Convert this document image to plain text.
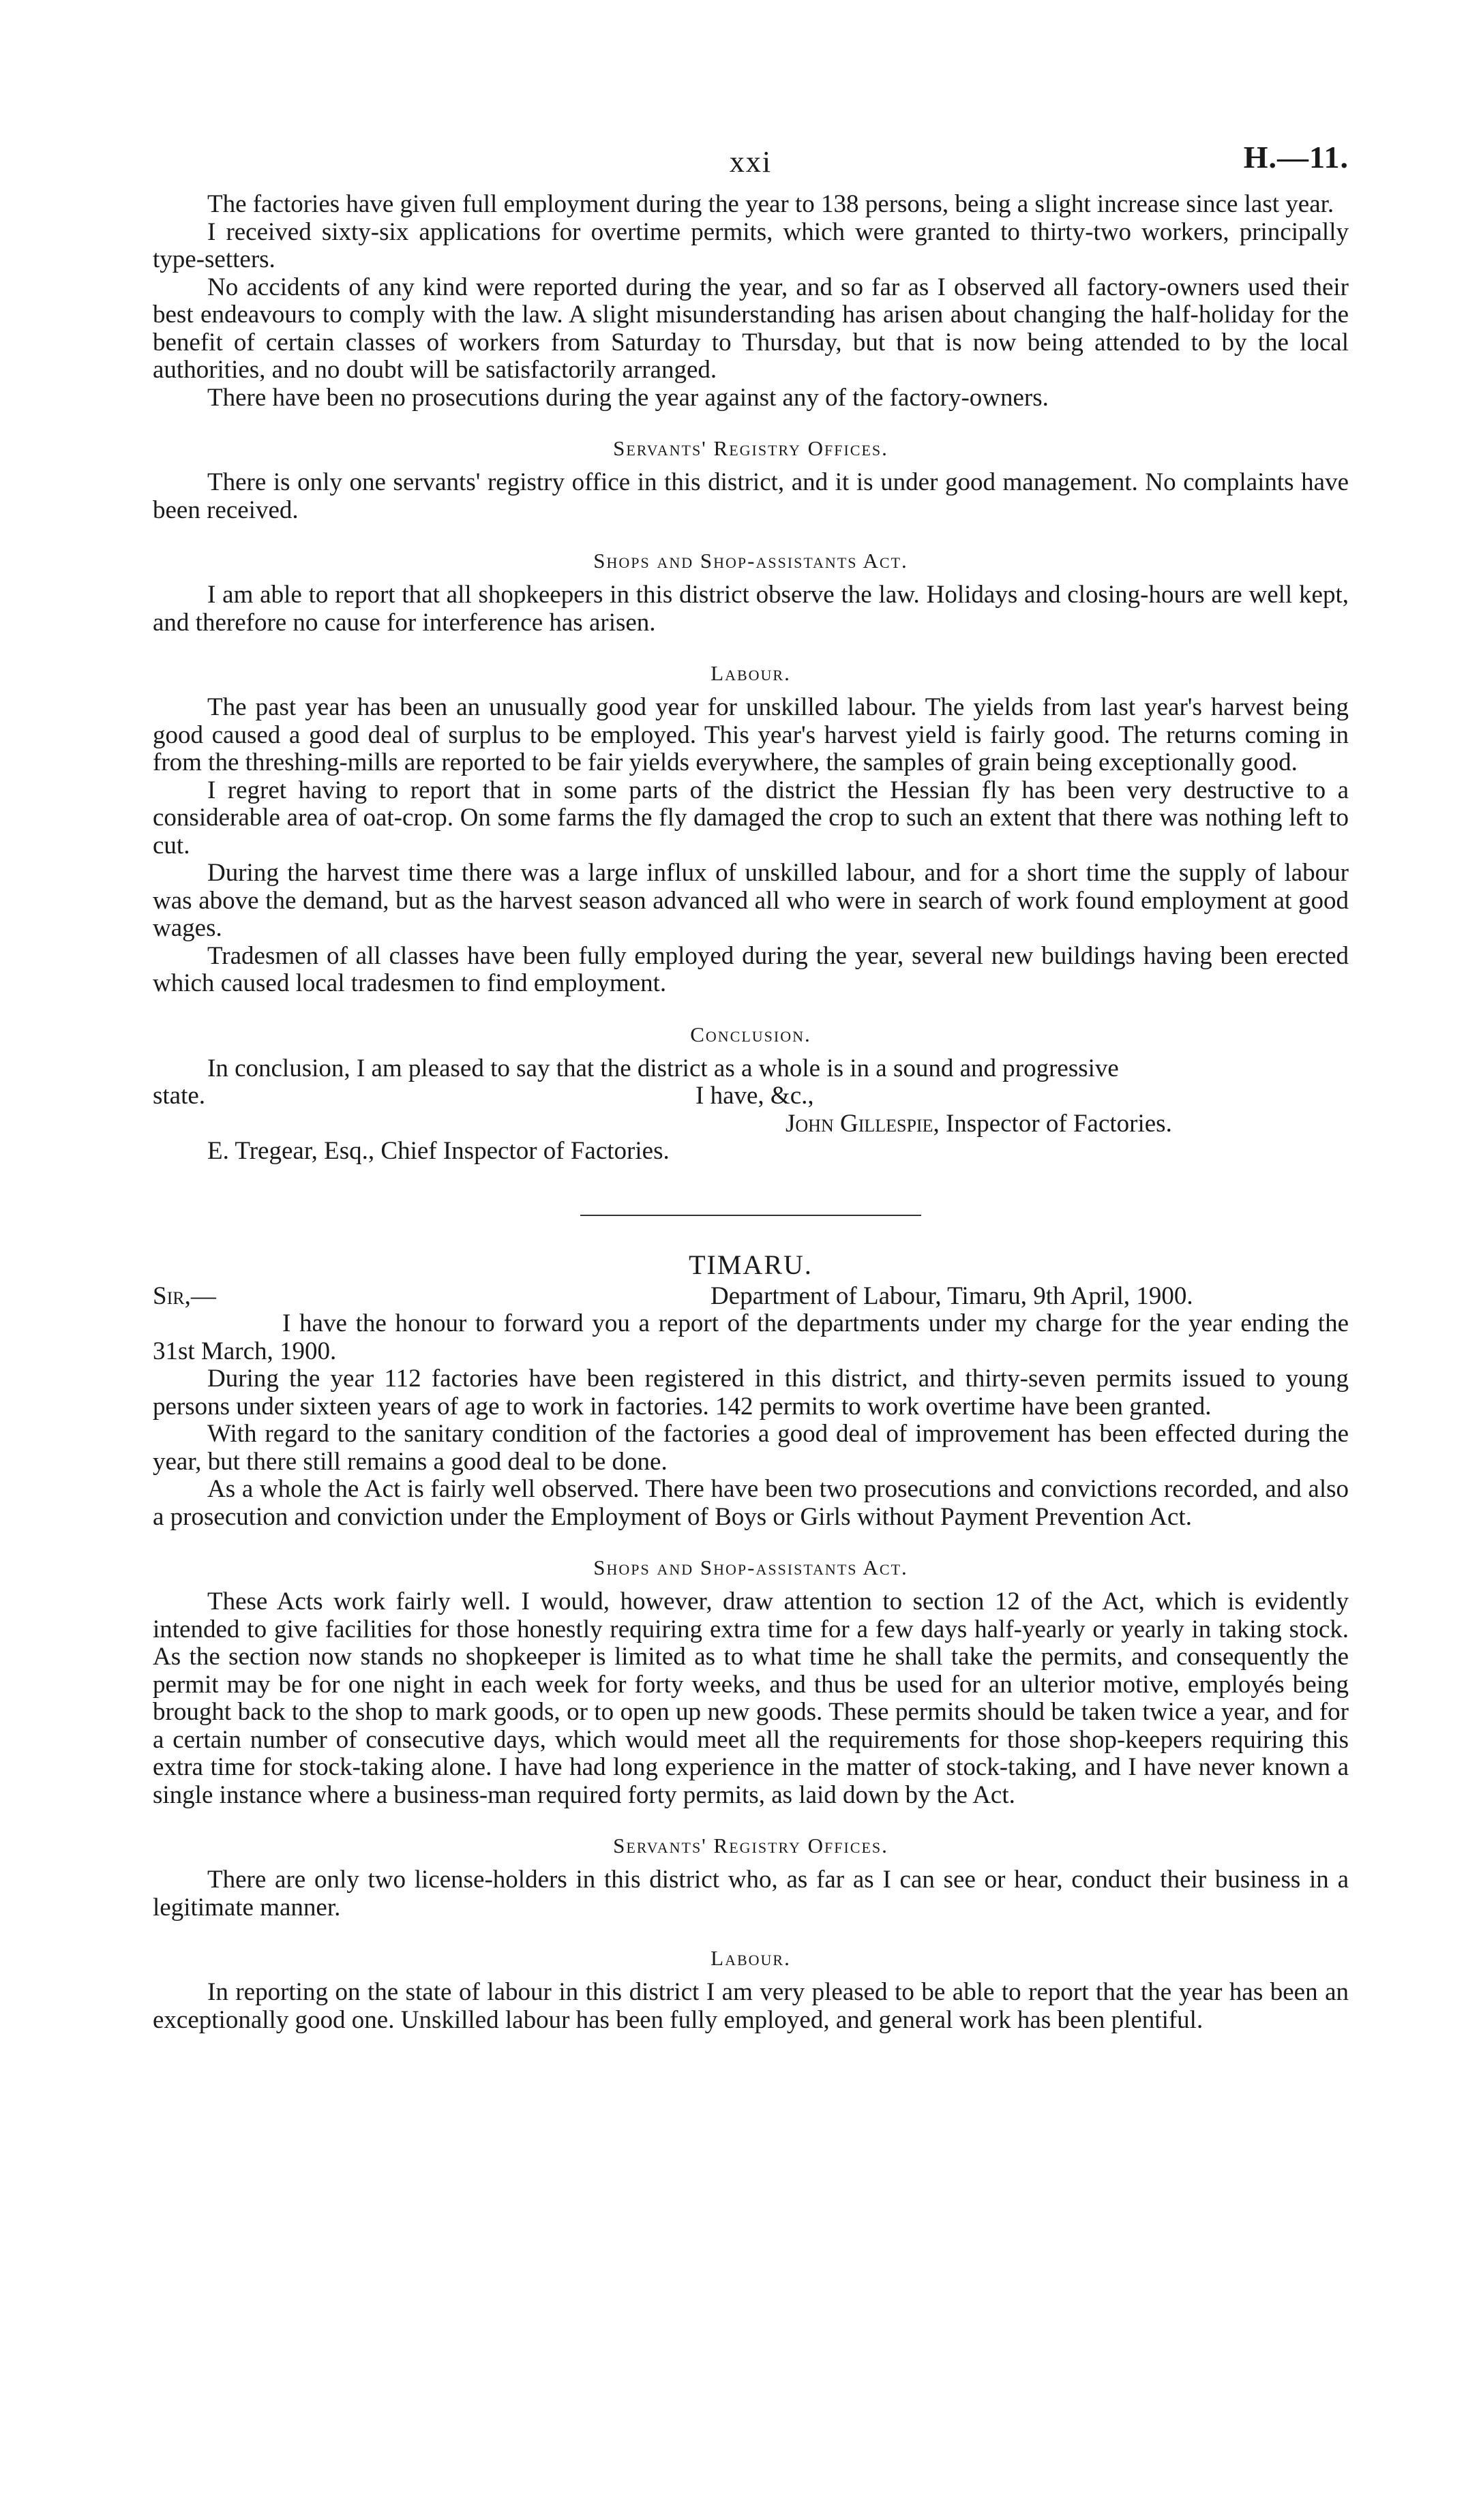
xxi	H.—11.

The factories have given full employment during the year to 138 persons, being a slight increase since last year.

I received sixty-six applications for overtime permits, which were granted to thirty-two workers, principally type-setters.

No accidents of any kind were reported during the year, and so far as I observed all factory-owners used their best endeavours to comply with the law. A slight misunderstanding has arisen about changing the half-holiday for the benefit of certain classes of workers from Saturday to Thursday, but that is now being attended to by the local authorities, and no doubt will be satisfactorily arranged.

There have been no prosecutions during the year against any of the factory-owners.

Servants' Registry Offices.

There is only one servants' registry office in this district, and it is under good management. No complaints have been received.

Shops and Shop-assistants Act.

I am able to report that all shopkeepers in this district observe the law. Holidays and closing-hours are well kept, and therefore no cause for interference has arisen.

Labour.

The past year has been an unusually good year for unskilled labour. The yields from last year's harvest being good caused a good deal of surplus to be employed. This year's harvest yield is fairly good. The returns coming in from the threshing-mills are reported to be fair yields everywhere, the samples of grain being exceptionally good.

I regret having to report that in some parts of the district the Hessian fly has been very destructive to a considerable area of oat-crop. On some farms the fly damaged the crop to such an extent that there was nothing left to cut.

During the harvest time there was a large influx of unskilled labour, and for a short time the supply of labour was above the demand, but as the harvest season advanced all who were in search of work found employment at good wages.

Tradesmen of all classes have been fully employed during the year, several new buildings having been erected which caused local tradesmen to find employment.

Conclusion.

In conclusion, I am pleased to say that the district as a whole is in a sound and progressive

state.	I have, &c.,
John Gillespie, Inspector of Factories.
E. Tregear, Esq., Chief Inspector of Factories.
TIMARU.
Sir,—	Department of Labour, Timaru, 9th April, 1900.

I have the honour to forward you a report of the departments under my charge for the year ending the 31st March, 1900.

During the year 112 factories have been registered in this district, and thirty-seven permits issued to young persons under sixteen years of age to work in factories. 142 permits to work overtime have been granted.

With regard to the sanitary condition of the factories a good deal of improvement has been effected during the year, but there still remains a good deal to be done.

As a whole the Act is fairly well observed. There have been two prosecutions and convictions recorded, and also a prosecution and conviction under the Employment of Boys or Girls without Payment Prevention Act.

Shops and Shop-assistants Act.

These Acts work fairly well. I would, however, draw attention to section 12 of the Act, which is evidently intended to give facilities for those honestly requiring extra time for a few days half-yearly or yearly in taking stock. As the section now stands no shopkeeper is limited as to what time he shall take the permits, and consequently the permit may be for one night in each week for forty weeks, and thus be used for an ulterior motive, employés being brought back to the shop to mark goods, or to open up new goods. These permits should be taken twice a year, and for a certain number of consecutive days, which would meet all the requirements for those shop-keepers requiring this extra time for stock-taking alone. I have had long experience in the matter of stock-taking, and I have never known a single instance where a business-man required forty permits, as laid down by the Act.

Servants' Registry Offices.

There are only two license-holders in this district who, as far as I can see or hear, conduct their business in a legitimate manner.

Labour.

In reporting on the state of labour in this district I am very pleased to be able to report that the year has been an exceptionally good one. Unskilled labour has been fully employed, and general work has been plentiful.
